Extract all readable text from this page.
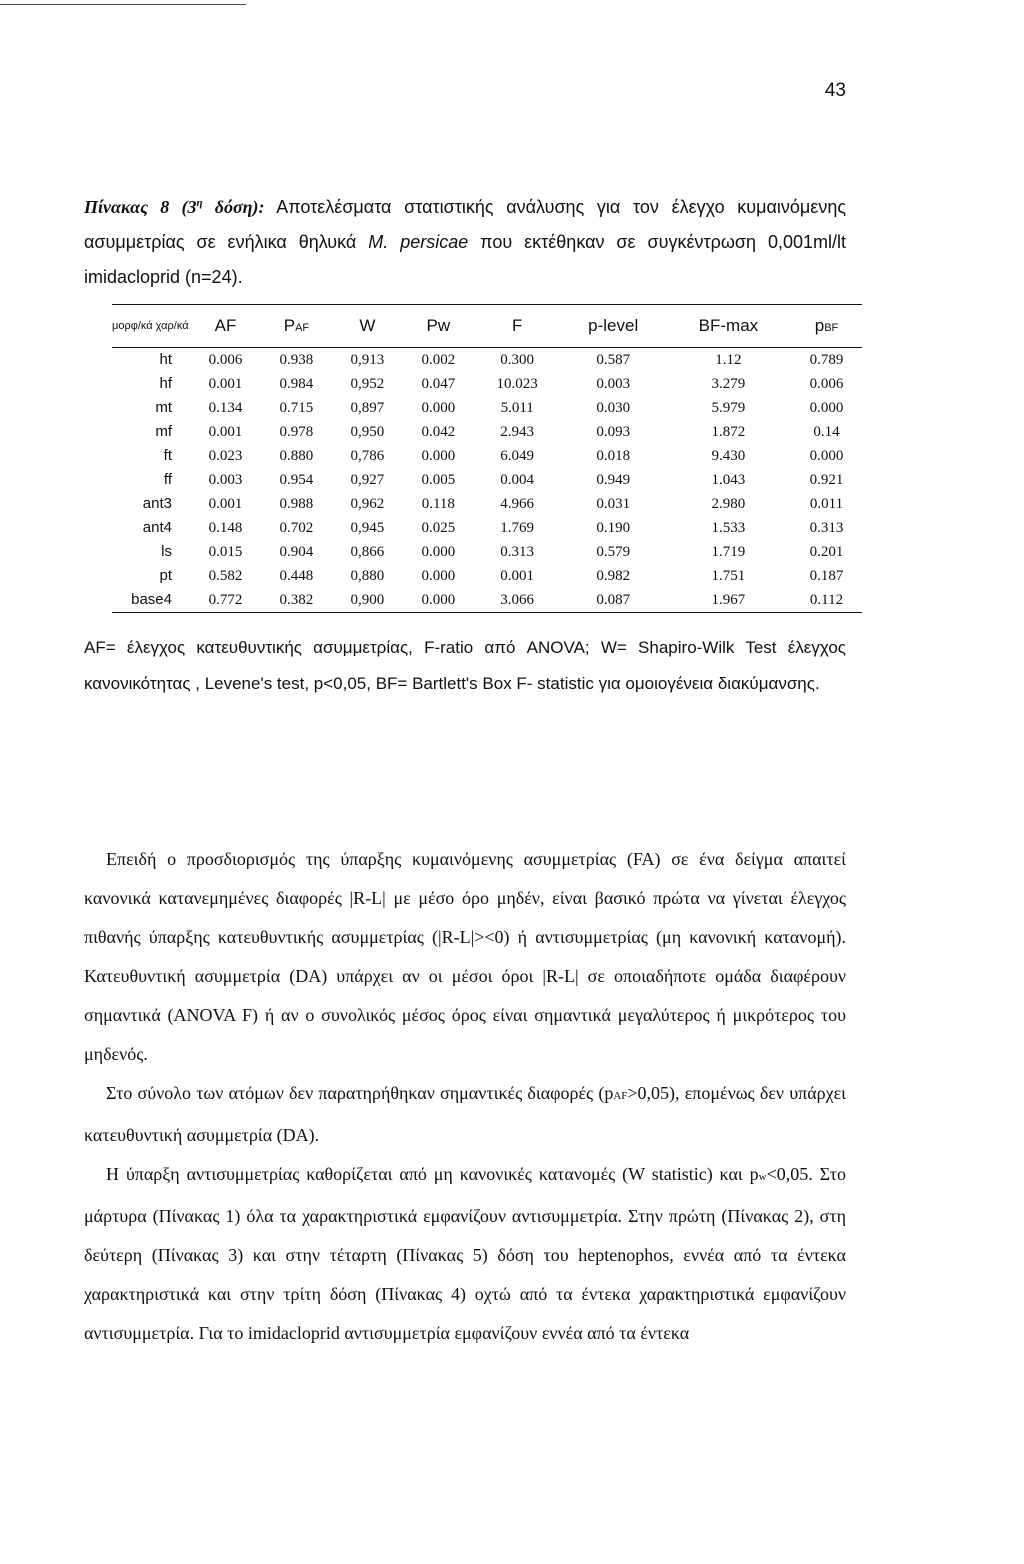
43
Πίνακας 8 ($3^\eta$ δόση): Αποτελέσματα στατιστικής ανάλυσης για τον έλεγχο κυμαινόμενης ασυμμετρίας σε ενήλικα θηλυκά M. persicae που εκτέθηκαν σε συγκέντρωση 0,001ml/lt imidacloprid (n=24).
μορφ/κά χαρ/κά	AF	PAF	W	Pw	F	p-level	BF-max	pBF
ht	0.006	0.938	0,913	0.002	0.300	0.587	1.12	0.789
hf	0.001	0.984	0,952	0.047	10.023	0.003	3.279	0.006
mt	0.134	0.715	0,897	0.000	5.011	0.030	5.979	0.000
mf	0.001	0.978	0,950	0.042	2.943	0.093	1.872	0.14
ft	0.023	0.880	0,786	0.000	6.049	0.018	9.430	0.000
ff	0.003	0.954	0,927	0.005	0.004	0.949	1.043	0.921
ant3	0.001	0.988	0,962	0.118	4.966	0.031	2.980	0.011
ant4	0.148	0.702	0,945	0.025	1.769	0.190	1.533	0.313
ls	0.015	0.904	0,866	0.000	0.313	0.579	1.719	0.201
pt	0.582	0.448	0,880	0.000	0.001	0.982	1.751	0.187
base4	0.772	0.382	0,900	0.000	3.066	0.087	1.967	0.112
AF= έλεγχος κατευθυντικής ασυμμετρίας, F-ratio από ANOVA; W= Shapiro-Wilk Test έλεγχος κανονικότητας , Levene's test, p<0,05, BF= Bartlett's Box F- statistic για ομοιογένεια διακύμανσης.

Επειδή ο προσδιορισμός της ύπαρξης κυμαινόμενης ασυμμετρίας (FA) σε ένα δείγμα απαιτεί κανονικά κατανεμημένες διαφορές |R-L| με μέσο όρο μηδέν, είναι βασικό πρώτα να γίνεται έλεγχος πιθανής ύπαρξης κατευθυντικής ασυμμετρίας (|R-L|><0) ή αντισυμμετρίας (μη κανονική κατανομή). Κατευθυντική ασυμμετρία (DA) υπάρχει αν οι μέσοι όροι |R-L| σε οποιαδήποτε ομάδα διαφέρουν σημαντικά (ANOVA F) ή αν ο συνολικός μέσος όρος είναι σημαντικά μεγαλύτερος ή μικρότερος του μηδενός.

Στο σύνολο των ατόμων δεν παρατηρήθηκαν σημαντικές διαφορές (pAF>0,05), επομένως δεν υπάρχει κατευθυντική ασυμμετρία (DA).

Η ύπαρξη αντισυμμετρίας καθορίζεται από μη κανονικές κατανομές (W statistic) και pw<0,05. Στο μάρτυρα (Πίνακας 1) όλα τα χαρακτηριστικά εμφανίζουν αντισυμμετρία. Στην πρώτη (Πίνακας 2), στη δεύτερη (Πίνακας 3) και στην τέταρτη (Πίνακας 5) δόση του heptenophos, εννέα από τα έντεκα χαρακτηριστικά και στην τρίτη δόση (Πίνακας 4) οχτώ από τα έντεκα χαρακτηριστικά εμφανίζουν αντισυμμετρία. Για το imidacloprid αντισυμμετρία εμφανίζουν εννέα από τα έντεκα
